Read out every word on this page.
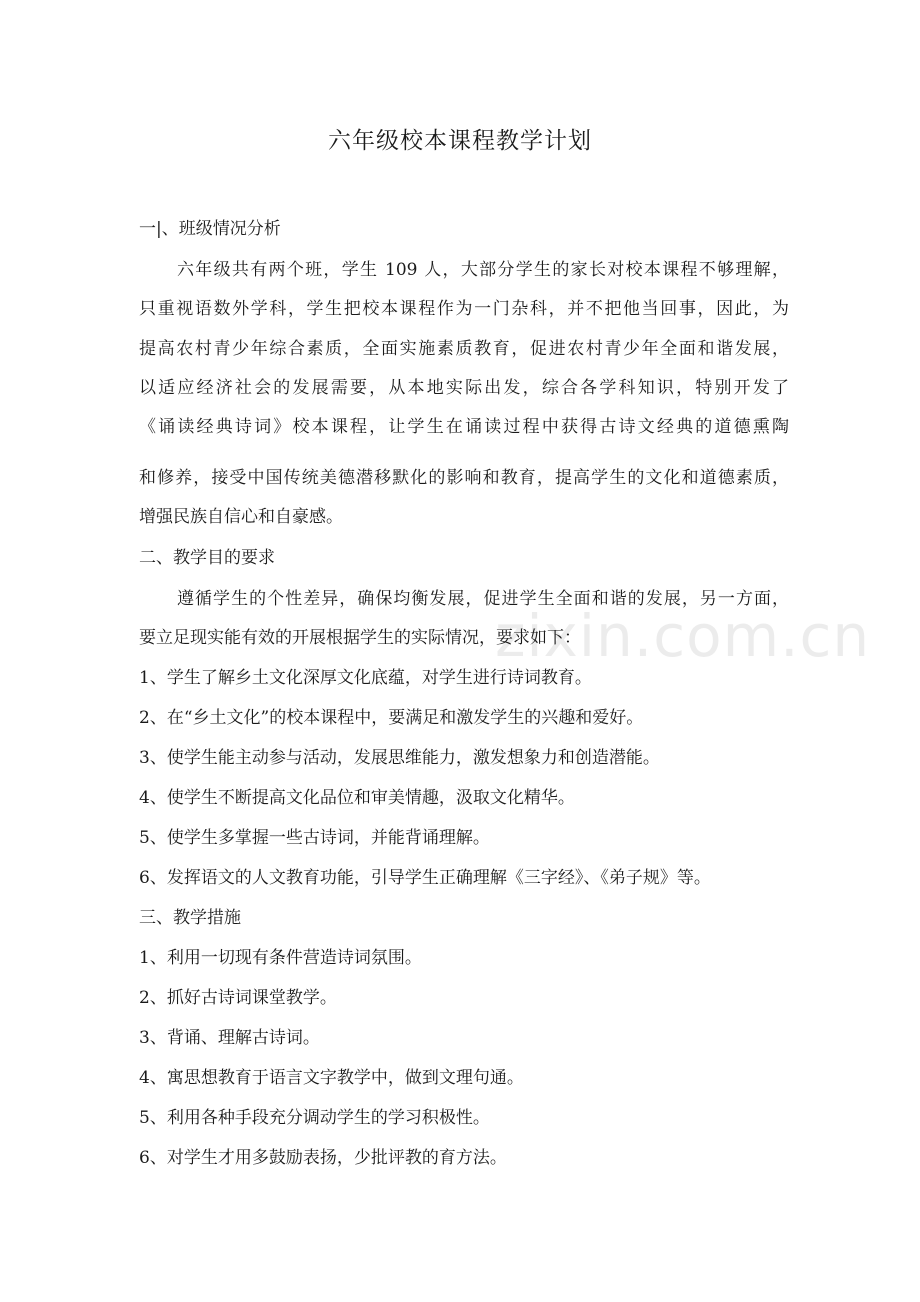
六年级校本课程教学计划
zixin.com.cn
一|、班级情况分析
六年级共有两个班，学生 109 人，大部分学生的家长对校本课程不够理解，
只重视语数外学科，学生把校本课程作为一门杂科，并不把他当回事，因此，为
提高农村青少年综合素质，全面实施素质教育，促进农村青少年全面和谐发展，
以适应经济社会的发展需要，从本地实际出发，综合各学科知识，特别开发了
《诵读经典诗词》校本课程，让学生在诵读过程中获得古诗文经典的道德熏陶
和修养，接受中国传统美德潜移默化的影响和教育，提高学生的文化和道德素质，
增强民族自信心和自豪感。
二、教学目的要求
遵循学生的个性差异，确保均衡发展，促进学生全面和谐的发展，另一方面，
要立足现实能有效的开展根据学生的实际情况，要求如下：
1、学生了解乡土文化深厚文化底蕴，对学生进行诗词教育。
2、在“乡土文化”的校本课程中，要满足和激发学生的兴趣和爱好。
3、使学生能主动参与活动，发展思维能力，激发想象力和创造潜能。
4、使学生不断提高文化品位和审美情趣，汲取文化精华。
5、使学生多掌握一些古诗词，并能背诵理解。
6、发挥语文的人文教育功能，引导学生正确理解《三字经》、《弟子规》等。
三、教学措施
1、利用一切现有条件营造诗词氛围。
2、抓好古诗词课堂教学。
3、背诵、理解古诗词。
4、寓思想教育于语言文字教学中，做到文理句通。
5、利用各种手段充分调动学生的学习积极性。
6、对学生才用多鼓励表扬，少批评教的育方法。
